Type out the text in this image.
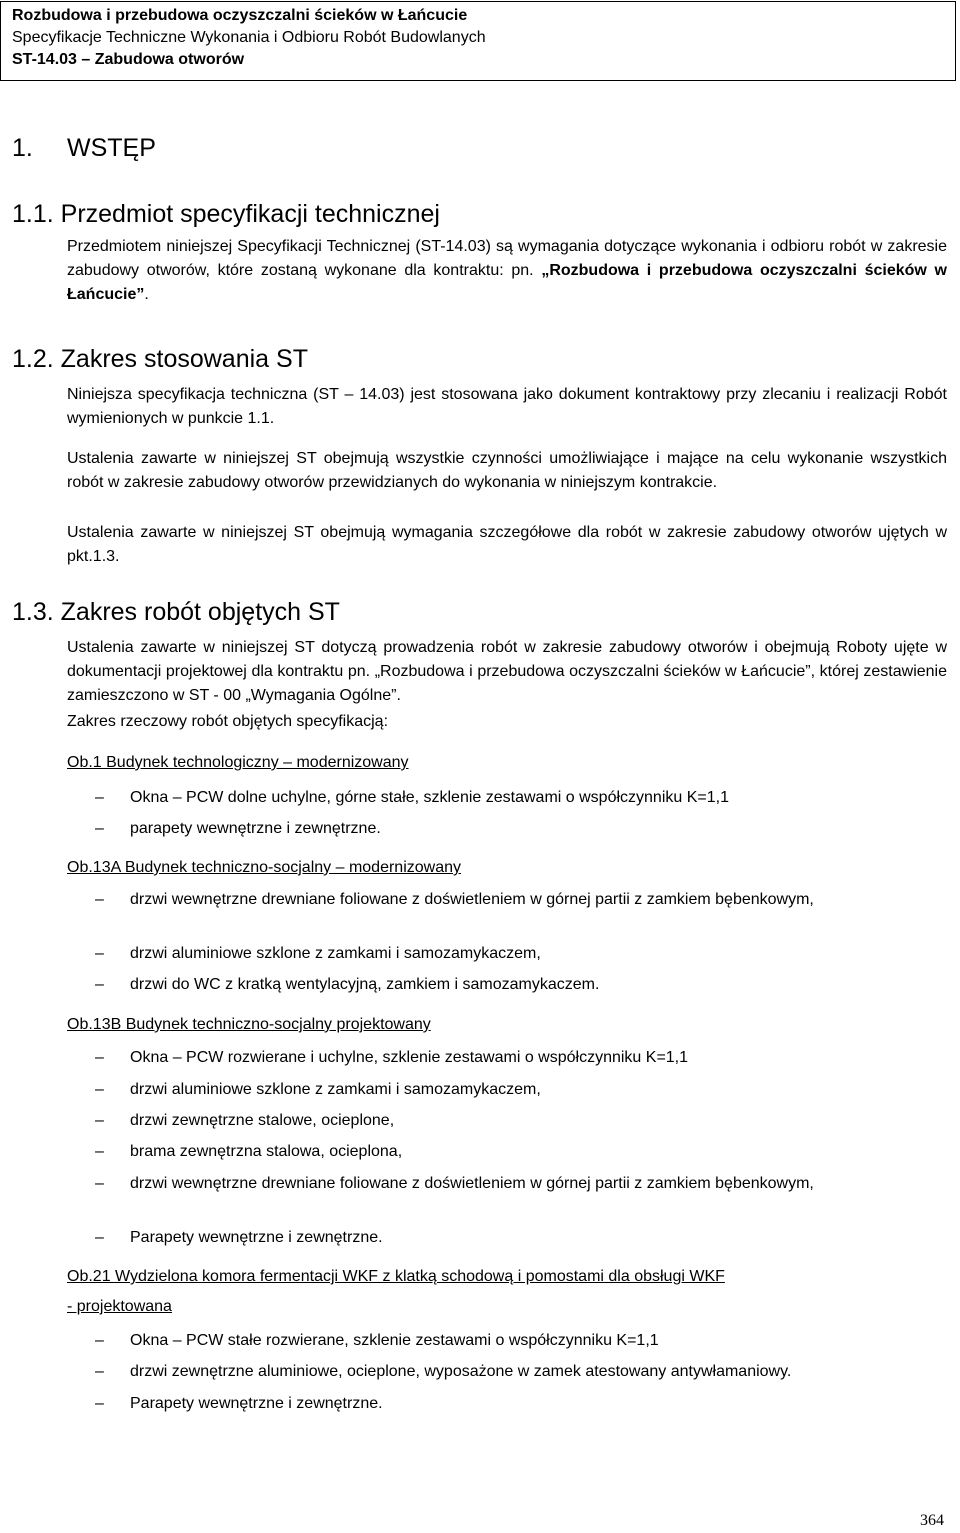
Rozbudowa i przebudowa oczyszczalni ścieków w Łańcucie
Specyfikacje Techniczne Wykonania i Odbioru Robót Budowlanych
ST-14.03 – Zabudowa otworów
1. WSTĘP
1.1. Przedmiot specyfikacji technicznej
Przedmiotem niniejszej Specyfikacji Technicznej (ST-14.03) są wymagania dotyczące wykonania i odbioru robót w zakresie zabudowy otworów, które zostaną wykonane dla kontraktu: pn. „Rozbudowa i przebudowa oczyszczalni ścieków w Łańcucie”.
1.2. Zakres stosowania ST
Niniejsza specyfikacja techniczna (ST – 14.03) jest stosowana jako dokument kontraktowy przy zlecaniu i realizacji Robót wymienionych w punkcie 1.1.
Ustalenia zawarte w niniejszej ST obejmują wszystkie czynności umożliwiające i mające na celu wykonanie wszystkich robót w zakresie zabudowy otworów przewidzianych do wykonania w niniejszym kontrakcie.
Ustalenia zawarte w niniejszej ST obejmują wymagania szczegółowe dla robót w zakresie zabudowy otworów ujętych w pkt.1.3.
1.3. Zakres robót objętych ST
Ustalenia zawarte w niniejszej ST dotyczą prowadzenia robót w zakresie zabudowy otworów i obejmują Roboty ujęte w dokumentacji projektowej dla kontraktu pn. „Rozbudowa i przebudowa oczyszczalni ścieków w Łańcucie”, której zestawienie zamieszczono w ST - 00 „Wymagania Ogólne”.
Zakres rzeczowy robót objętych specyfikacją:
Ob.1 Budynek technologiczny – modernizowany
–	Okna – PCW dolne uchylne, górne stałe, szklenie zestawami o współczynniku K=1,1
–	parapety wewnętrzne i zewnętrzne.
Ob.13A Budynek techniczno-socjalny – modernizowany
–	drzwi wewnętrzne drewniane foliowane z doświetleniem w górnej partii z zamkiem bębenkowym,
–	drzwi aluminiowe szklone z zamkami i samozamykaczem,
–	drzwi do WC z kratką wentylacyjną, zamkiem i samozamykaczem.
Ob.13B Budynek techniczno-socjalny projektowany
–	Okna – PCW rozwierane i uchylne, szklenie zestawami o współczynniku K=1,1
–	drzwi aluminiowe szklone z zamkami i samozamykaczem,
–	drzwi zewnętrzne stalowe, ocieplone,
–	brama zewnętrzna stalowa, ocieplona,
–	drzwi wewnętrzne drewniane foliowane z doświetleniem w górnej partii z zamkiem bębenkowym,
–	Parapety wewnętrzne i zewnętrzne.
Ob.21 Wydzielona komora fermentacji WKF z klatką schodową i pomostami dla obsługi WKF
- projektowana
–	Okna – PCW stałe rozwierane, szklenie zestawami o współczynniku K=1,1
–	drzwi zewnętrzne aluminiowe, ocieplone, wyposażone w zamek atestowany antywłamaniowy.
–	Parapety wewnętrzne i zewnętrzne.
364
